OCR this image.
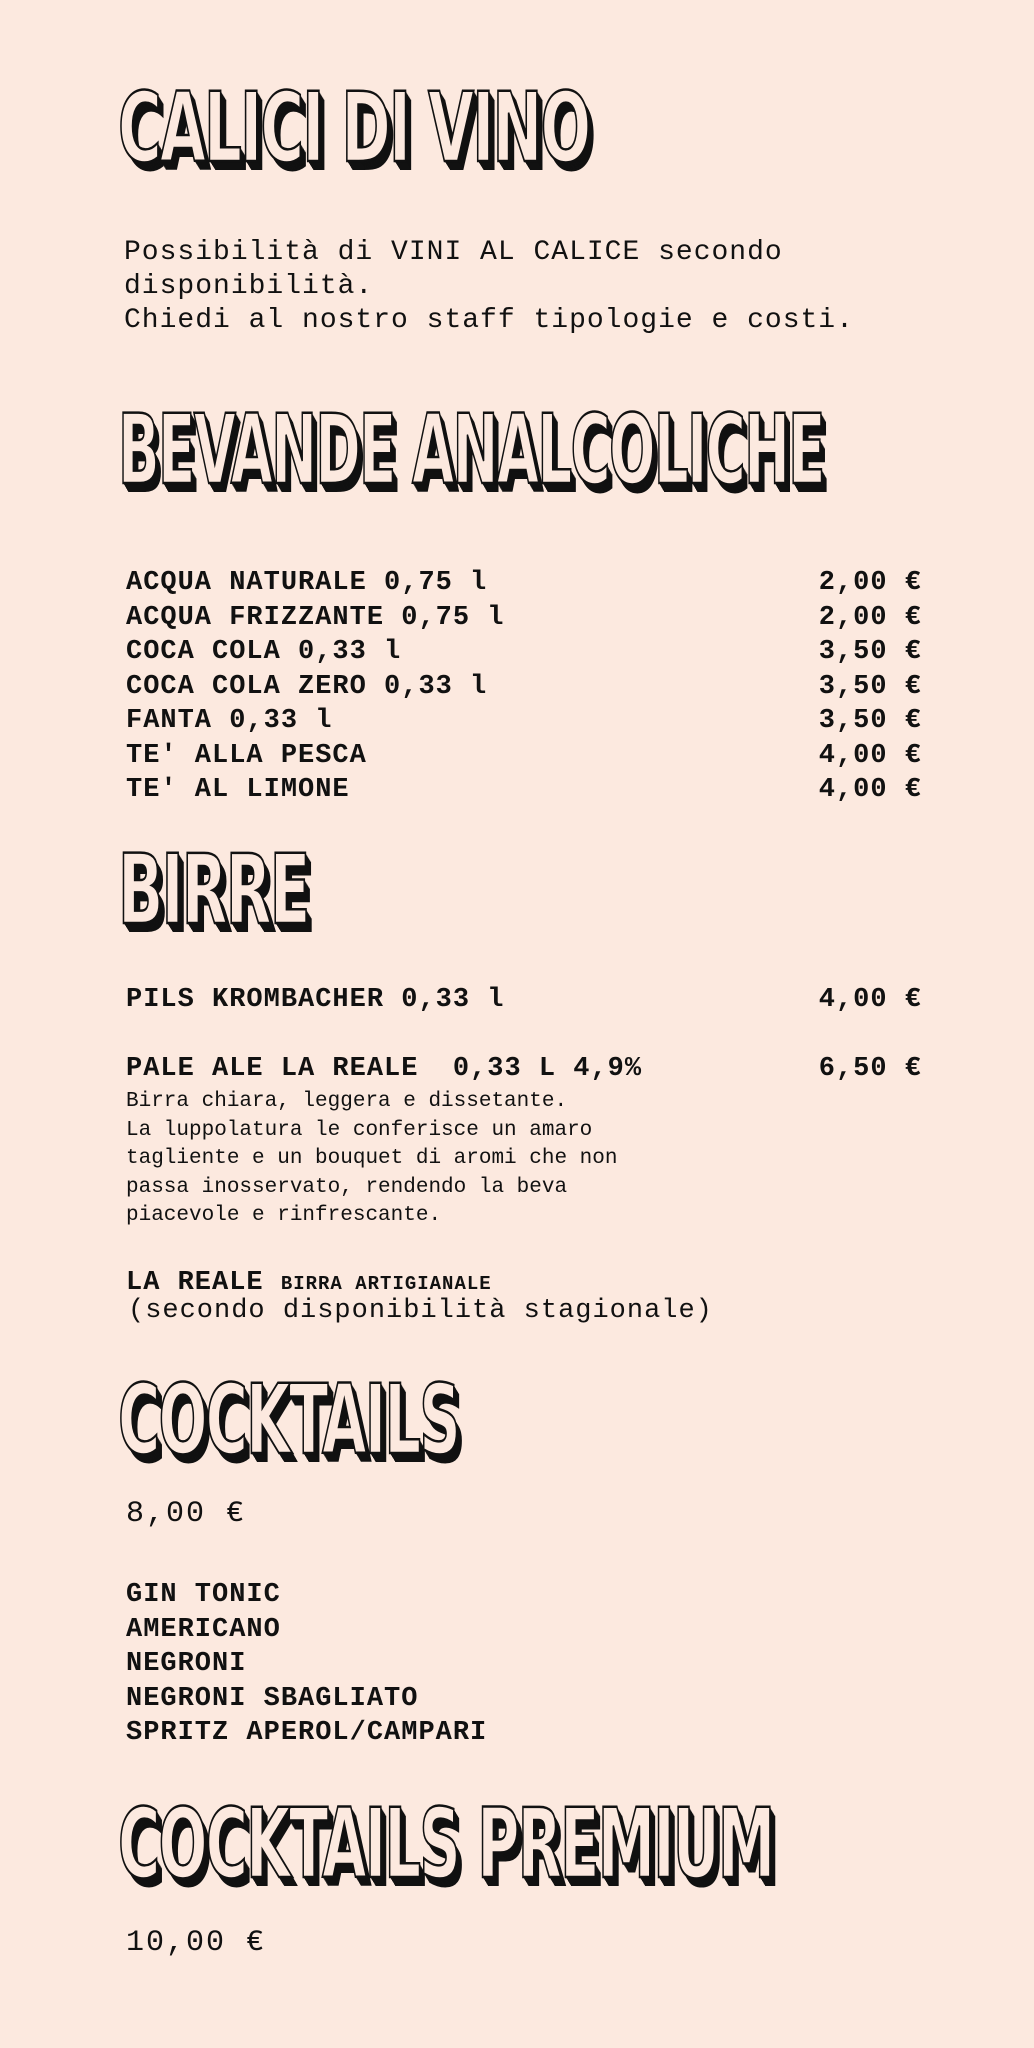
CALICI DI VINO

Possibilità di VINI AL CALICE secondo
disponibilità.
Chiedi al nostro staff tipologie e costi.

BEVANDE ANALCOLICHE
ACQUA NATURALE 0,75 l	2,00 €
ACQUA FRIZZANTE 0,75 l	2,00 €
COCA COLA 0,33 l	3,50 €
COCA COLA ZERO 0,33 l	3,50 €
FANTA 0,33 l	3,50 €
TE' ALLA PESCA	4,00 €
TE' AL LIMONE	4,00 €
BIRRE
PILS KROMBACHER 0,33 l	4,00 €
PALE ALE LA REALE  0,33 L 4,9%	6,50 €

Birra chiara, leggera e dissetante.
La luppolatura le conferisce un amaro
tagliente e un bouquet di aromi che non
passa inosservato, rendendo la beva
piacevole e rinfrescante.

LA REALE BIRRA ARTIGIANALE
(secondo disponibilità stagionale)
COCKTAILS
8,00 €
GIN TONIC
AMERICANO
NEGRONI
NEGRONI SBAGLIATO
SPRITZ APEROL/CAMPARI
COCKTAILS PREMIUM
10,00 €
